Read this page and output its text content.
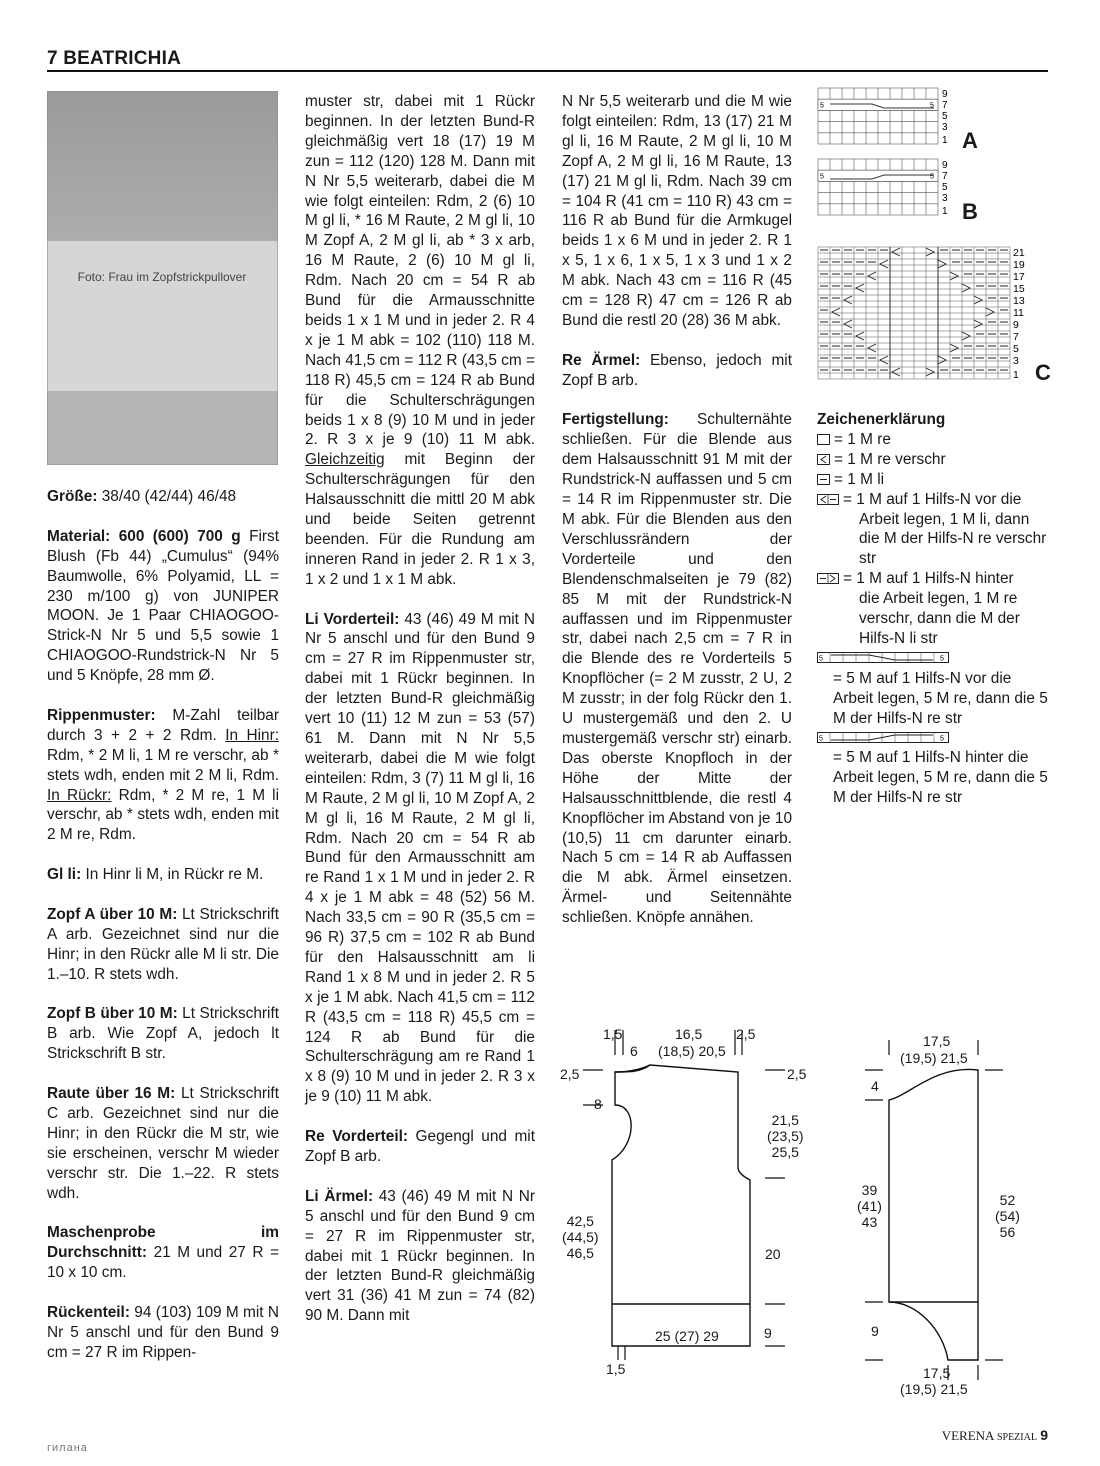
7 BEATRICHIA
Foto: Frau im Zopfstrickpullover

Größe: 38/40 (42/44) 46/48

Material: 600 (600) 700 g First Blush (Fb 44) „Cumulus“ (94% Baumwolle, 6% Polyamid, LL = 230 m/100 g) von JUNIPER MOON. Je 1 Paar CHIAOGOO-Strick-N Nr 5 und 5,5 sowie 1 CHIAOGOO-Rundstrick-N Nr 5 und 5 Knöpfe, 28 mm Ø.

Rippenmuster: M-Zahl teilbar durch 3 + 2 + 2 Rdm. In Hinr: Rdm, * 2 M li, 1 M re verschr, ab * stets wdh, enden mit 2 M li, Rdm. In Rückr: Rdm, * 2 M re, 1 M li verschr, ab * stets wdh, enden mit 2 M re, Rdm.

Gl li: In Hinr li M, in Rückr re M.

Zopf A über 10 M: Lt Strickschrift A arb. Gezeichnet sind nur die Hinr; in den Rückr alle M li str. Die 1.–10. R stets wdh.

Zopf B über 10 M: Lt Strickschrift B arb. Wie Zopf A, jedoch lt Strickschrift B str.

Raute über 16 M: Lt Strickschrift C arb. Gezeichnet sind nur die Hinr; in den Rückr die M str, wie sie erscheinen, verschr M wieder verschr str. Die 1.–22. R stets wdh.

Maschenprobe im Durchschnitt: 21 M und 27 R = 10 x 10 cm.

Rückenteil: 94 (103) 109 M mit N Nr 5 anschl und für den Bund 9 cm = 27 R im Rippen-

muster str, dabei mit 1 Rückr beginnen. In der letzten Bund-R gleichmäßig vert 18 (17) 19 M zun = 112 (120) 128 M. Dann mit N Nr 5,5 weiterarb, dabei die M wie folgt einteilen: Rdm, 2 (6) 10 M gl li, * 16 M Raute, 2 M gl li, 10 M Zopf A, 2 M gl li, ab * 3 x arb, 16 M Raute, 2 (6) 10 M gl li, Rdm. Nach 20 cm = 54 R ab Bund für die Armausschnitte beids 1 x 1 M und in jeder 2. R 4 x je 1 M abk = 102 (110) 118 M. Nach 41,5 cm = 112 R (43,5 cm = 118 R) 45,5 cm = 124 R ab Bund für die Schulterschrägungen beids 1 x 8 (9) 10 M und in jeder 2. R 3 x je 9 (10) 11 M abk. Gleichzeitig mit Beginn der Schulterschrägungen für den Halsausschnitt die mittl 20 M abk und beide Seiten getrennt beenden. Für die Rundung am inneren Rand in jeder 2. R 1 x 3, 1 x 2 und 1 x 1 M abk.

Li Vorderteil: 43 (46) 49 M mit N Nr 5 anschl und für den Bund 9 cm = 27 R im Rippenmuster str, dabei mit 1 Rückr beginnen. In der letzten Bund-R gleichmäßig vert 10 (11) 12 M zun = 53 (57) 61 M. Dann mit N Nr 5,5 weiterarb, dabei die M wie folgt einteilen: Rdm, 3 (7) 11 M gl li, 16 M Raute, 2 M gl li, 10 M Zopf A, 2 M gl li, 16 M Raute, 2 M gl li, Rdm. Nach 20 cm = 54 R ab Bund für den Armausschnitt am re Rand 1 x 1 M und in jeder 2. R 4 x je 1 M abk = 48 (52) 56 M. Nach 33,5 cm = 90 R (35,5 cm = 96 R) 37,5 cm = 102 R ab Bund für den Halsausschnitt am li Rand 1 x 8 M und in jeder 2. R 5 x je 1 M abk. Nach 41,5 cm = 112 R (43,5 cm = 118 R) 45,5 cm = 124 R ab Bund für die Schulterschrägung am re Rand 1 x 8 (9) 10 M und in jeder 2. R 3 x je 9 (10) 11 M abk.

Re Vorderteil: Gegengl und mit Zopf B arb.

Li Ärmel: 43 (46) 49 M mit N Nr 5 anschl und für den Bund 9 cm = 27 R im Rippenmuster str, dabei mit 1 Rückr beginnen. In der letzten Bund-R gleichmäßig vert 31 (36) 41 M zun = 74 (82) 90 M. Dann mit

N Nr 5,5 weiterarb und die M wie folgt einteilen: Rdm, 13 (17) 21 M gl li, 16 M Raute, 2 M gl li, 10 M Zopf A, 2 M gl li, 16 M Raute, 13 (17) 21 M gl li, Rdm. Nach 39 cm = 104 R (41 cm = 110 R) 43 cm = 116 R ab Bund für die Armkugel beids 1 x 6 M und in jeder 2. R 1 x 5, 1 x 6, 1 x 5, 1 x 3 und 1 x 2 M abk. Nach 43 cm = 116 R (45 cm = 128 R) 47 cm = 126 R ab Bund die restl 20 (28) 36 M abk.

Re Ärmel: Ebenso, jedoch mit Zopf B arb.

Fertigstellung: Schulternähte schließen. Für die Blende aus dem Halsausschnitt 91 M mit der Rundstrick-N auffassen und 5 cm = 14 R im Rippenmuster str. Die M abk. Für die Blenden aus den Verschlussrändern der Vorderteile und den Blendenschmalseiten je 79 (82) 85 M mit der Rundstrick-N auffassen und im Rippenmuster str, dabei nach 2,5 cm = 7 R in die Blende des re Vorderteils 5 Knopflöcher (= 2 M zusstr, 2 U, 2 M zusstr; in der folg Rückr den 1. U mustergemäß und den 2. U mustergemäß verschr str) einarb. Das oberste Knopfloch in der Höhe der Mitte der Halsausschnittblende, die restl 4 Knopflöcher im Abstand von je 10 (10,5) 11 cm darunter einarb. Nach 5 cm = 14 R ab Auffassen die M abk. Ärmel einsetzen. Ärmel- und Seitennähte schließen. Knöpfe annähen.

5	5
9
7
5
3
1 A
5	5
9
7
5
3
1 B
21
19
17
15
13
11
9
7
5
3
1 C
Zeichenerklärung
= 1 M re
= 1 M re verschr
= 1 M li
= 1 M auf 1 Hilfs-N vor die
Arbeit legen, 1 M li, dann die M der Hilfs-N re verschr str
= 1 M auf 1 Hilfs-N hinter
die Arbeit legen, 1 M re verschr, dann die M der Hilfs-N li str
5	5
= 5 M auf 1 Hilfs-N vor die Arbeit legen, 5 M re, dann die 5 M der Hilfs-N re str
5	5
= 5 M auf 1 Hilfs-N hinter die Arbeit legen, 5 M re, dann die 5 M der Hilfs-N re str
1,5
6
16,5
(18,5) 20,5
2,5
2,5	2,5
8
21,5
(23,5)
25,5
42,5
(44,5)
46,5	20
9
25 (27) 29
1,5
17,5
(19,5) 21,5
4
39
(41)
43
52
(54)
56
9
17,5
(19,5) 21,5
гилана
VERENA SPEZIAL 9
